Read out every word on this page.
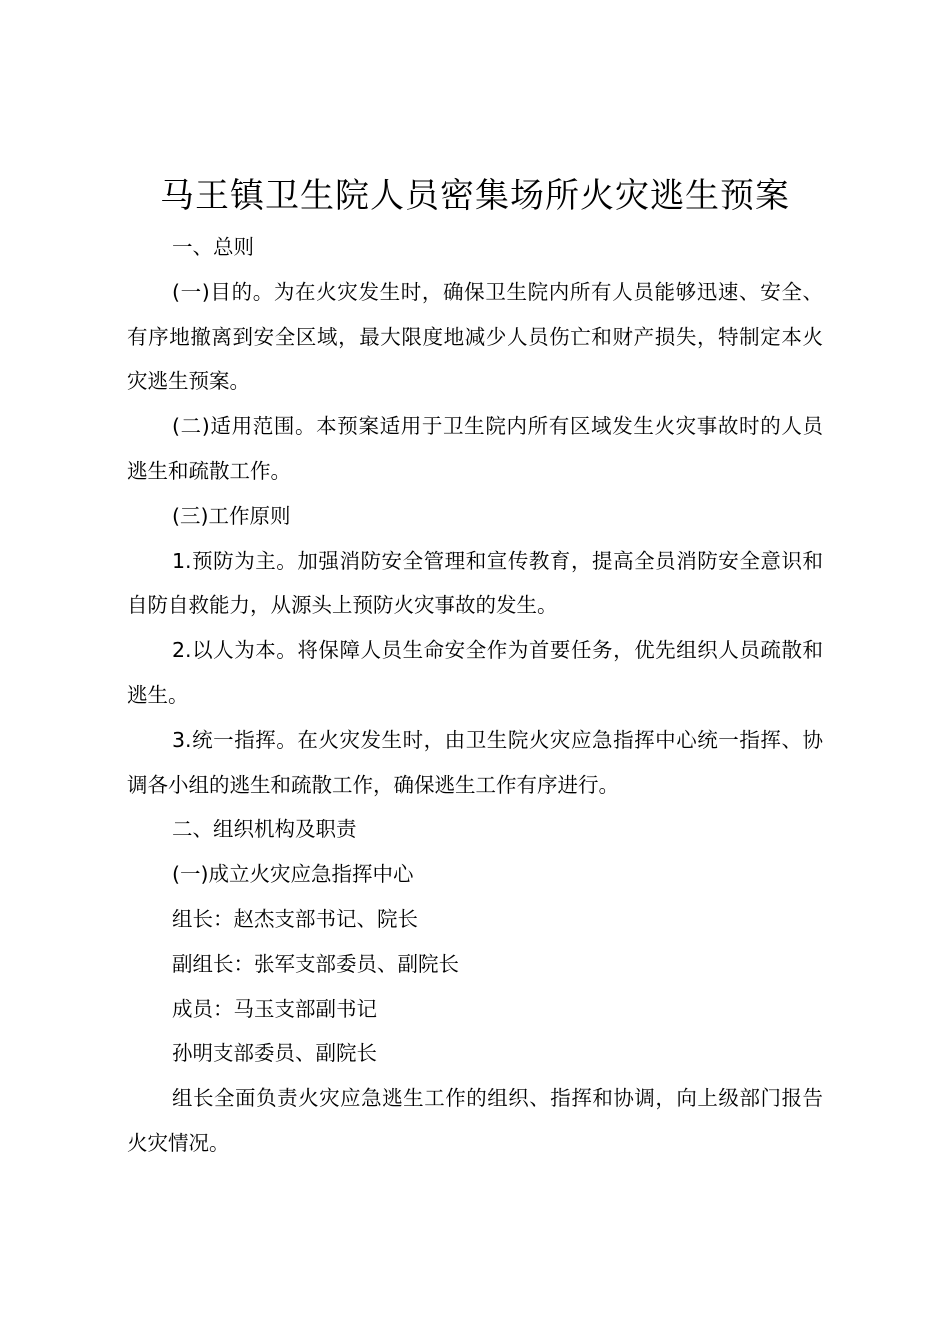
马王镇卫生院人员密集场所火灾逃生预案

一、总则

(一)目的。为在火灾发生时，确保卫生院内所有人员能够迅速、安全、有序地撤离到安全区域，最大限度地减少人员伤亡和财产损失，特制定本火灾逃生预案。

(二)适用范围。本预案适用于卫生院内所有区域发生火灾事故时的人员逃生和疏散工作。

(三)工作原则

1.预防为主。加强消防安全管理和宣传教育，提高全员消防安全意识和自防自救能力，从源头上预防火灾事故的发生。

2.以人为本。将保障人员生命安全作为首要任务，优先组织人员疏散和逃生。

3.统一指挥。在火灾发生时，由卫生院火灾应急指挥中心统一指挥、协调各小组的逃生和疏散工作，确保逃生工作有序进行。

二、组织机构及职责

(一)成立火灾应急指挥中心

组长：赵杰支部书记、院长

副组长：张军支部委员、副院长

成员：马玉支部副书记

孙明支部委员、副院长

组长全面负责火灾应急逃生工作的组织、指挥和协调，向上级部门报告火灾情况。
